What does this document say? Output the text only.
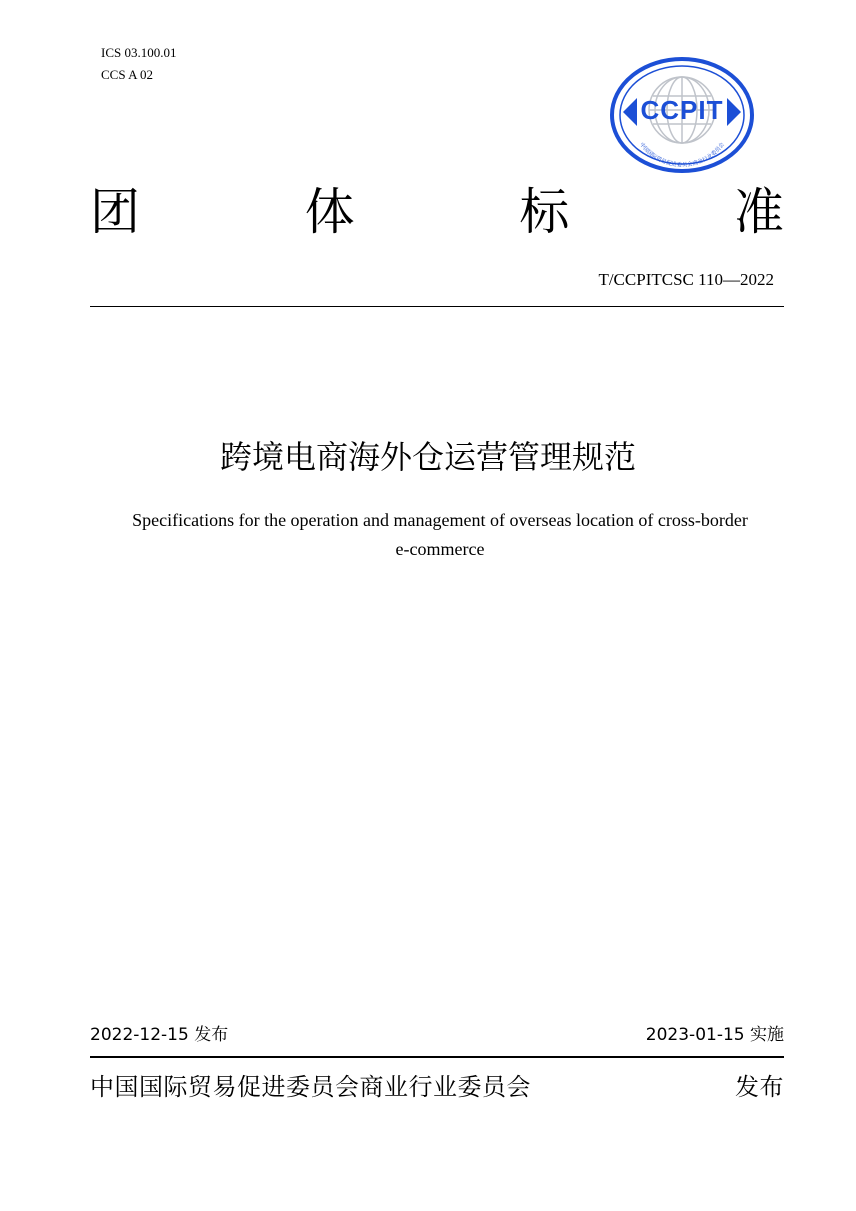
ICS 03.100.01
CCS A 02
CCPIT
中国国际贸易促进委员会商业行业委员会
团	体	标	准
T/CCPITCSC 110—2022
跨境电商海外仓运营管理规范
Specifications for the operation and management of overseas location of cross-border
e-commerce
2022-12-15 发布	2023-01-15 实施
中国国际贸易促进委员会商业行业委员会	发布
